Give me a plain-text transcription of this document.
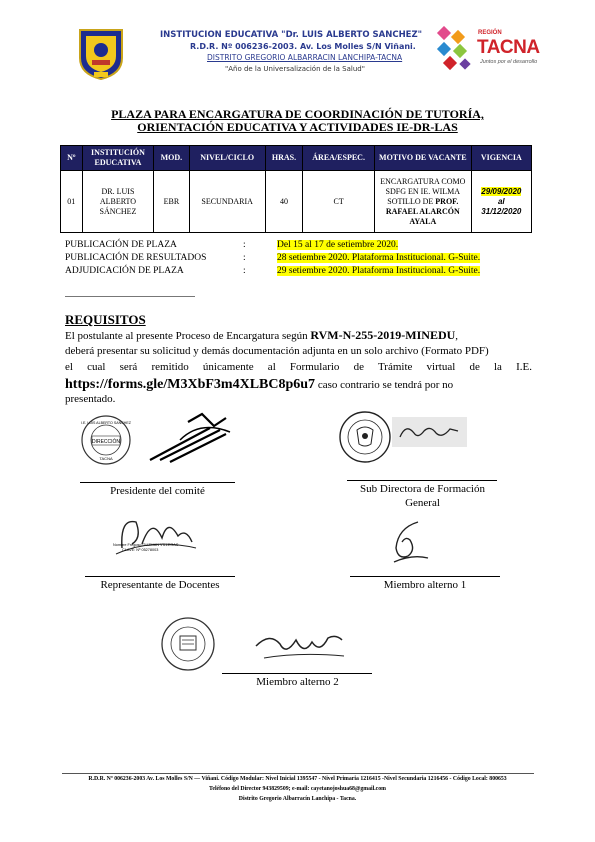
INSTITUCION EDUCATIVA "Dr. LUIS ALBERTO SANCHEZ"
R.D.R. Nº 006236-2003. Av. Los Molles S/N Viñani.
DISTRITO GREGORIO ALBARRACIN LANCHIPA-TACNA
"Año de la Universalización de la Salud"
REGIÓN
TACNA
Juntos por el desarrollo
PLAZA PARA ENCARGATURA DE COORDINACIÓN DE TUTORÍA,
ORIENTACIÓN EDUCATIVA Y ACTIVIDADES IE-DR-LAS
Nº	INSTITUCIÓN EDUCATIVA	MOD.	NIVEL/CICLO	HRAS.	ÁREA/ESPEC.	MOTIVO DE VACANTE	VIGENCIA
01	DR. LUIS ALBERTO SÁNCHEZ	EBR	SECUNDARIA	40	CT	ENCARGATURA COMO SDFG EN IE. WILMA SOTILLO DE PROF. RAFAEL ALARCÓN AYALA	29/09/2020
al
31/12/2020
PUBLICACIÓN DE PLAZA	:	Del 15 al 17 de setiembre 2020.
PUBLICACIÓN DE RESULTADOS	:	28 setiembre 2020. Plataforma Institucional. G-Suite.
ADJUDICACIÓN DE PLAZA	:	29 setiembre 2020. Plataforma Institucional. G-Suite.
REQUISITOS
El postulante al presente Proceso de Encargatura según RVM-N-255-2019-MINEDU,
deberá presentar su solicitud y demás documentación adjunta en un solo archivo (Formato PDF)
el cual será remitido únicamente al Formulario de Trámite virtual de la I.E.
https://forms.gle/M3XbF3m4XLBC8p6u7 caso contrario se tendrá por no
presentado.
DIRECCIÓN
TACNA
I.E. LUIS ALBERTO SANCHEZ
Presidente del comité	Sub Directora de Formación
General
Nombre Fregoso GUZMAN VILLEGAS
CLAVE: Nº 05278003
Representante de Docentes	Miembro alterno 1
Miembro alterno 2
R.D.R. Nº 006236-2003 Av. Los Molles S/N — Viñani. Código Modular: Nivel Inicial 1395547 - Nivel Primaria 1216415 -Nivel Secundaria 1216456 - Código Local: 800653
Teléfono del Director 943829509; e-mail: cayetanojoshua68@gmail.com
Distrito Gregorio Albarracín Lanchipa - Tacna.
